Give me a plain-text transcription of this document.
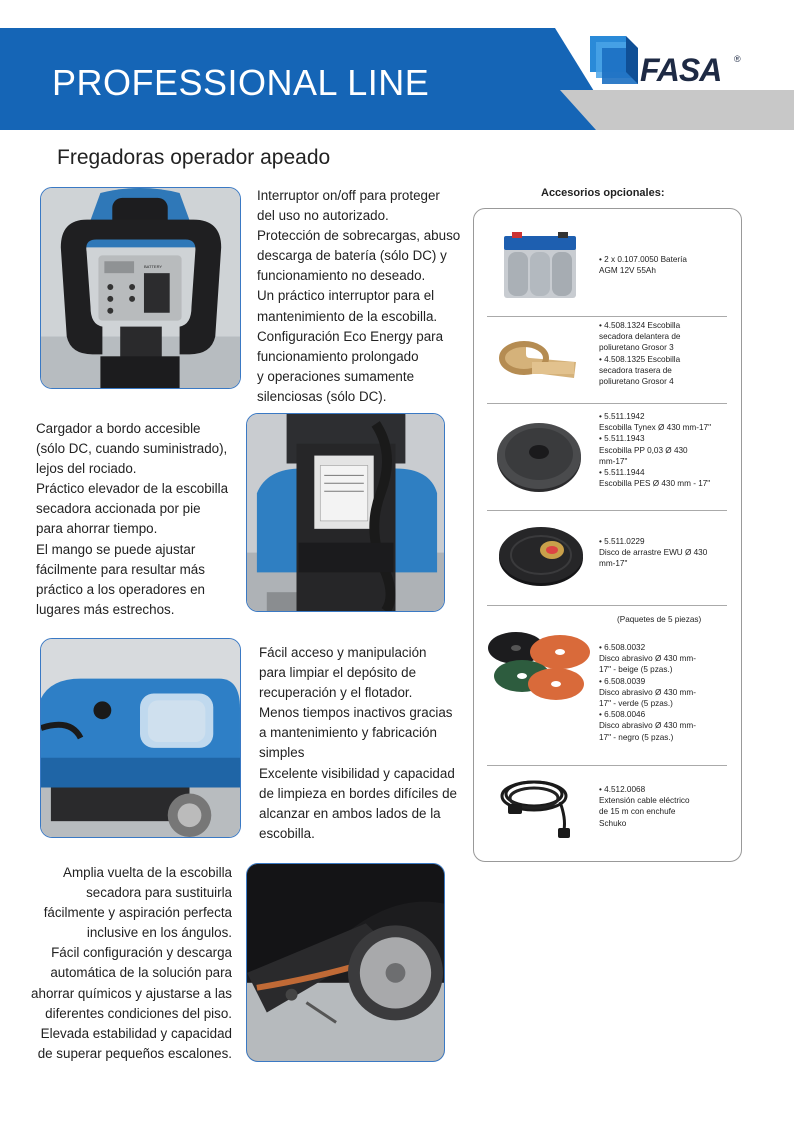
PROFESSIONAL LINE	FASA ®
Fregadoras operador apeado
BATTERY

Interruptor on/off para proteger

del uso no autorizado.

Protección de sobrecargas, abuso

descarga de batería (sólo DC) y

funcionamiento no deseado.

Un práctico interruptor para el

mantenimiento de la escobilla.

Configuración Eco Energy para

funcionamiento prolongado

y operaciones sumamente

silenciosas (sólo DC).

Cargador a bordo accesible

(sólo DC, cuando suministrado),

lejos del rociado.

Práctico elevador de la escobilla

secadora accionada por pie

para ahorrar tiempo.

El mango se puede ajustar

fácilmente para resultar más

práctico a los operadores en

lugares más estrechos.

Fácil acceso y manipulación

para limpiar el depósito de

recuperación y el flotador.

Menos tiempos inactivos gracias

a mantenimiento y fabricación

simples

Excelente visibilidad y capacidad

de limpieza en bordes difíciles de

alcanzar en ambos lados de la

escobilla.

Amplia vuelta de la escobilla

secadora para sustituirla

fácilmente y aspiración perfecta

inclusive en los ángulos.

Fácil configuración y descarga

automática de la solución para

ahorrar químicos y ajustarse a las

diferentes condiciones del piso.

Elevada estabilidad y capacidad

de superar pequeños escalones.

Accesorios opcionales:
• 2 x 0.107.0050 Batería
AGM 12V 55Ah
• 4.508.1324 Escobilla
secadora delantera de
poliuretano Grosor 3
• 4.508.1325 Escobilla
secadora trasera de
poliuretano Grosor 4
• 5.511.1942
Escobilla Tynex Ø 430 mm-17"
• 5.511.1943
Escobilla PP 0,03 Ø 430
mm-17"
• 5.511.1944
Escobilla PES Ø 430 mm - 17"
• 5.511.0229
Disco de arrastre EWU Ø 430
mm-17"
(Paquetes de 5 piezas)
• 6.508.0032
Disco abrasivo Ø 430 mm-
17" - beige (5 pzas.)
• 6.508.0039
Disco abrasivo Ø 430 mm-
17" - verde (5 pzas.)
• 6.508.0046
Disco abrasivo Ø 430 mm-
17" - negro (5 pzas.)
• 4.512.0068
Extensión cable eléctrico
de 15 m con enchufe
Schuko
